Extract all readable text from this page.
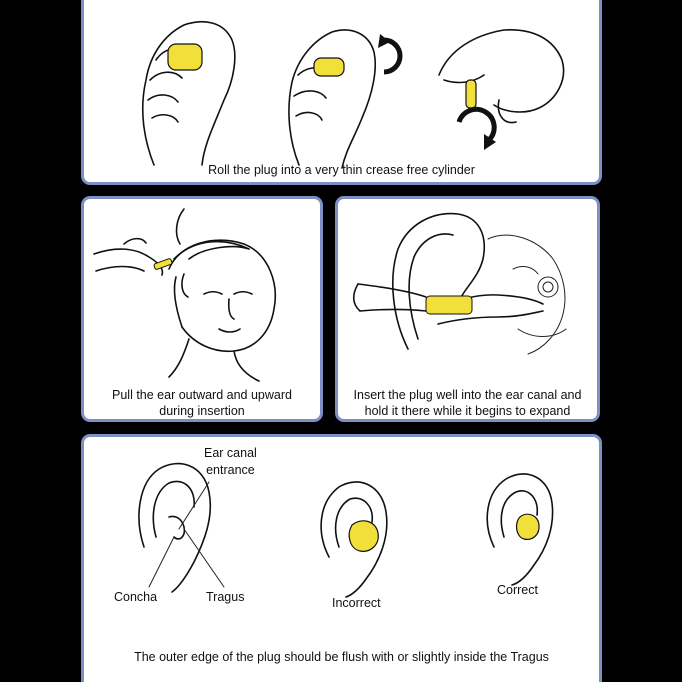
Roll the plug into a very thin crease free cylinder
Pull the ear outward and upward
during insertion
Insert the plug well into the ear canal and
hold it there while it begins to expand
Ear canal
entrance
Concha	Tragus	Incorrect
Correct
The outer edge of the plug should be flush with or slightly inside the Tragus
